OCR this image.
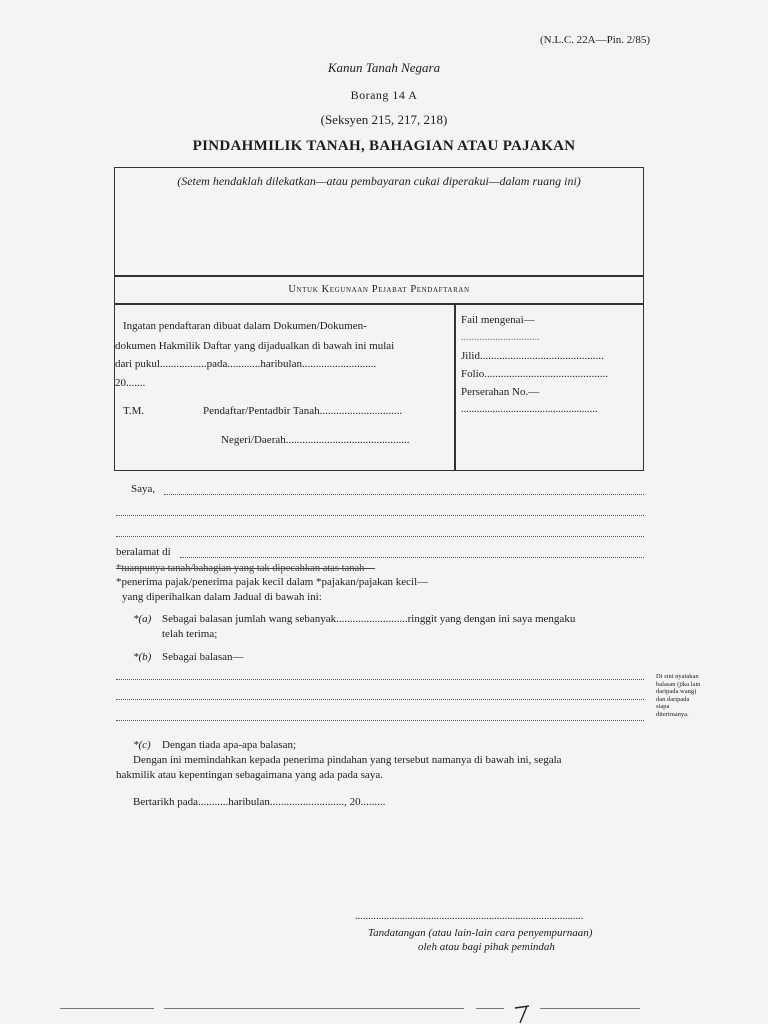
(N.L.C. 22A—Pin. 2/85)
Kanun Tanah Negara
Borang 14 A
(Seksyen 215, 217, 218)
PINDAHMILIK TANAH, BAHAGIAN ATAU PAJAKAN
(Setem hendaklah dilekatkan—atau pembayaran cukai diperakui—dalam ruang ini)
Untuk Kegunaan Pejabat Pendaftaran
Ingatan pendaftaran dibuat dalam Dokumen/Dokumen-
dokumen Hakmilik Daftar yang dijadualkan di bawah ini mulai
dari pukul.................pada............haribulan...........................
20.......
T.M.	Pendaftar/Pentadbir Tanah..............................
Negeri/Daerah.............................................
Fail mengenai—
..............................
Jilid.............................................
Folio.............................................
Perserahan No.—
....................................................
Saya,
beralamat di
*tuanpunya tanah/bahagian yang tak dipecahkan atas tanah—
*penerima pajak/penerima pajak kecil dalam *pajakan/pajakan kecil—
yang diperihalkan dalam Jadual di bawah ini:
*(a) Sebagai balasan jumlah wang sebanyak..........................ringgit yang dengan ini saya mengaku
telah terima;
*(b) Sebagai balasan—
Di sini nyatakan balasan (jika lain daripada wang) dan daripada siapa diterimanya.
*(c) Dengan tiada apa-apa balasan;
Dengan ini memindahkan kepada penerima pindahan yang tersebut namanya di bawah ini, segala
hakmilik atau kepentingan sebagaimana yang ada pada saya.
Bertarikh pada...........haribulan..........................., 20.........
.......................................................................................
Tandatangan (atau lain-lain cara penyempurnaan)
oleh atau bagi pihak pemindah
